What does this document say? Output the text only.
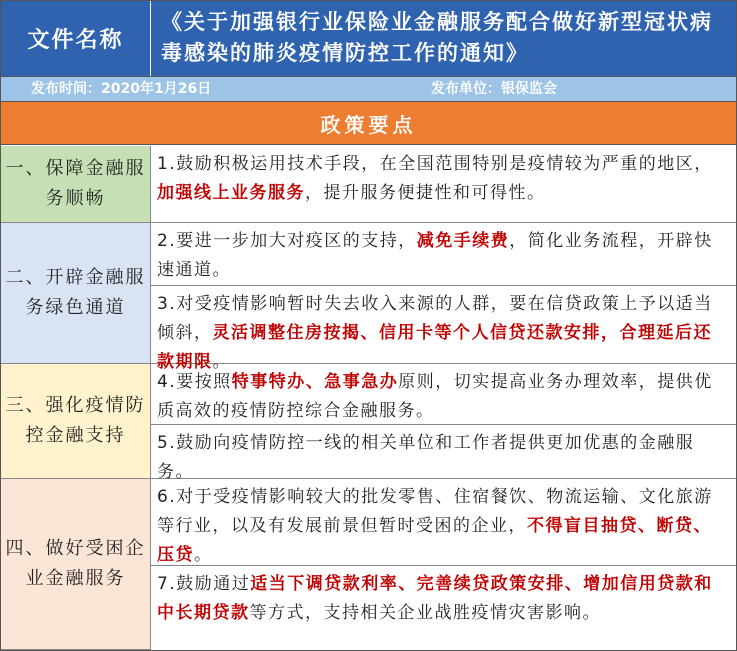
文件名称
《关于加强银行业保险业金融服务配合做好新型冠状病毒感染的肺炎疫情防控工作的通知》
发布时间：2020年1月26日	发布单位：银保监会
政策要点
一、保障金融服务顺畅
二、开辟金融服务绿色通道
三、强化疫情防控金融支持
四、做好受困企业金融服务
1.鼓励积极运用技术手段，在全国范围特别是疫情较为严重的地区，加强线上业务服务，提升服务便捷性和可得性。
2.要进一步加大对疫区的支持，减免手续费，简化业务流程，开辟快速通道。
3.对受疫情影响暂时失去收入来源的人群，要在信贷政策上予以适当倾斜，灵活调整住房按揭、信用卡等个人信贷还款安排，合理延后还款期限。
4.要按照特事特办、急事急办原则，切实提高业务办理效率，提供优质高效的疫情防控综合金融服务。
5.鼓励向疫情防控一线的相关单位和工作者提供更加优惠的金融服务。
6.对于受疫情影响较大的批发零售、住宿餐饮、物流运输、文化旅游等行业，以及有发展前景但暂时受困的企业，不得盲目抽贷、断贷、压贷。
7.鼓励通过适当下调贷款利率、完善续贷政策安排、增加信用贷款和中长期贷款等方式，支持相关企业战胜疫情灾害影响。
